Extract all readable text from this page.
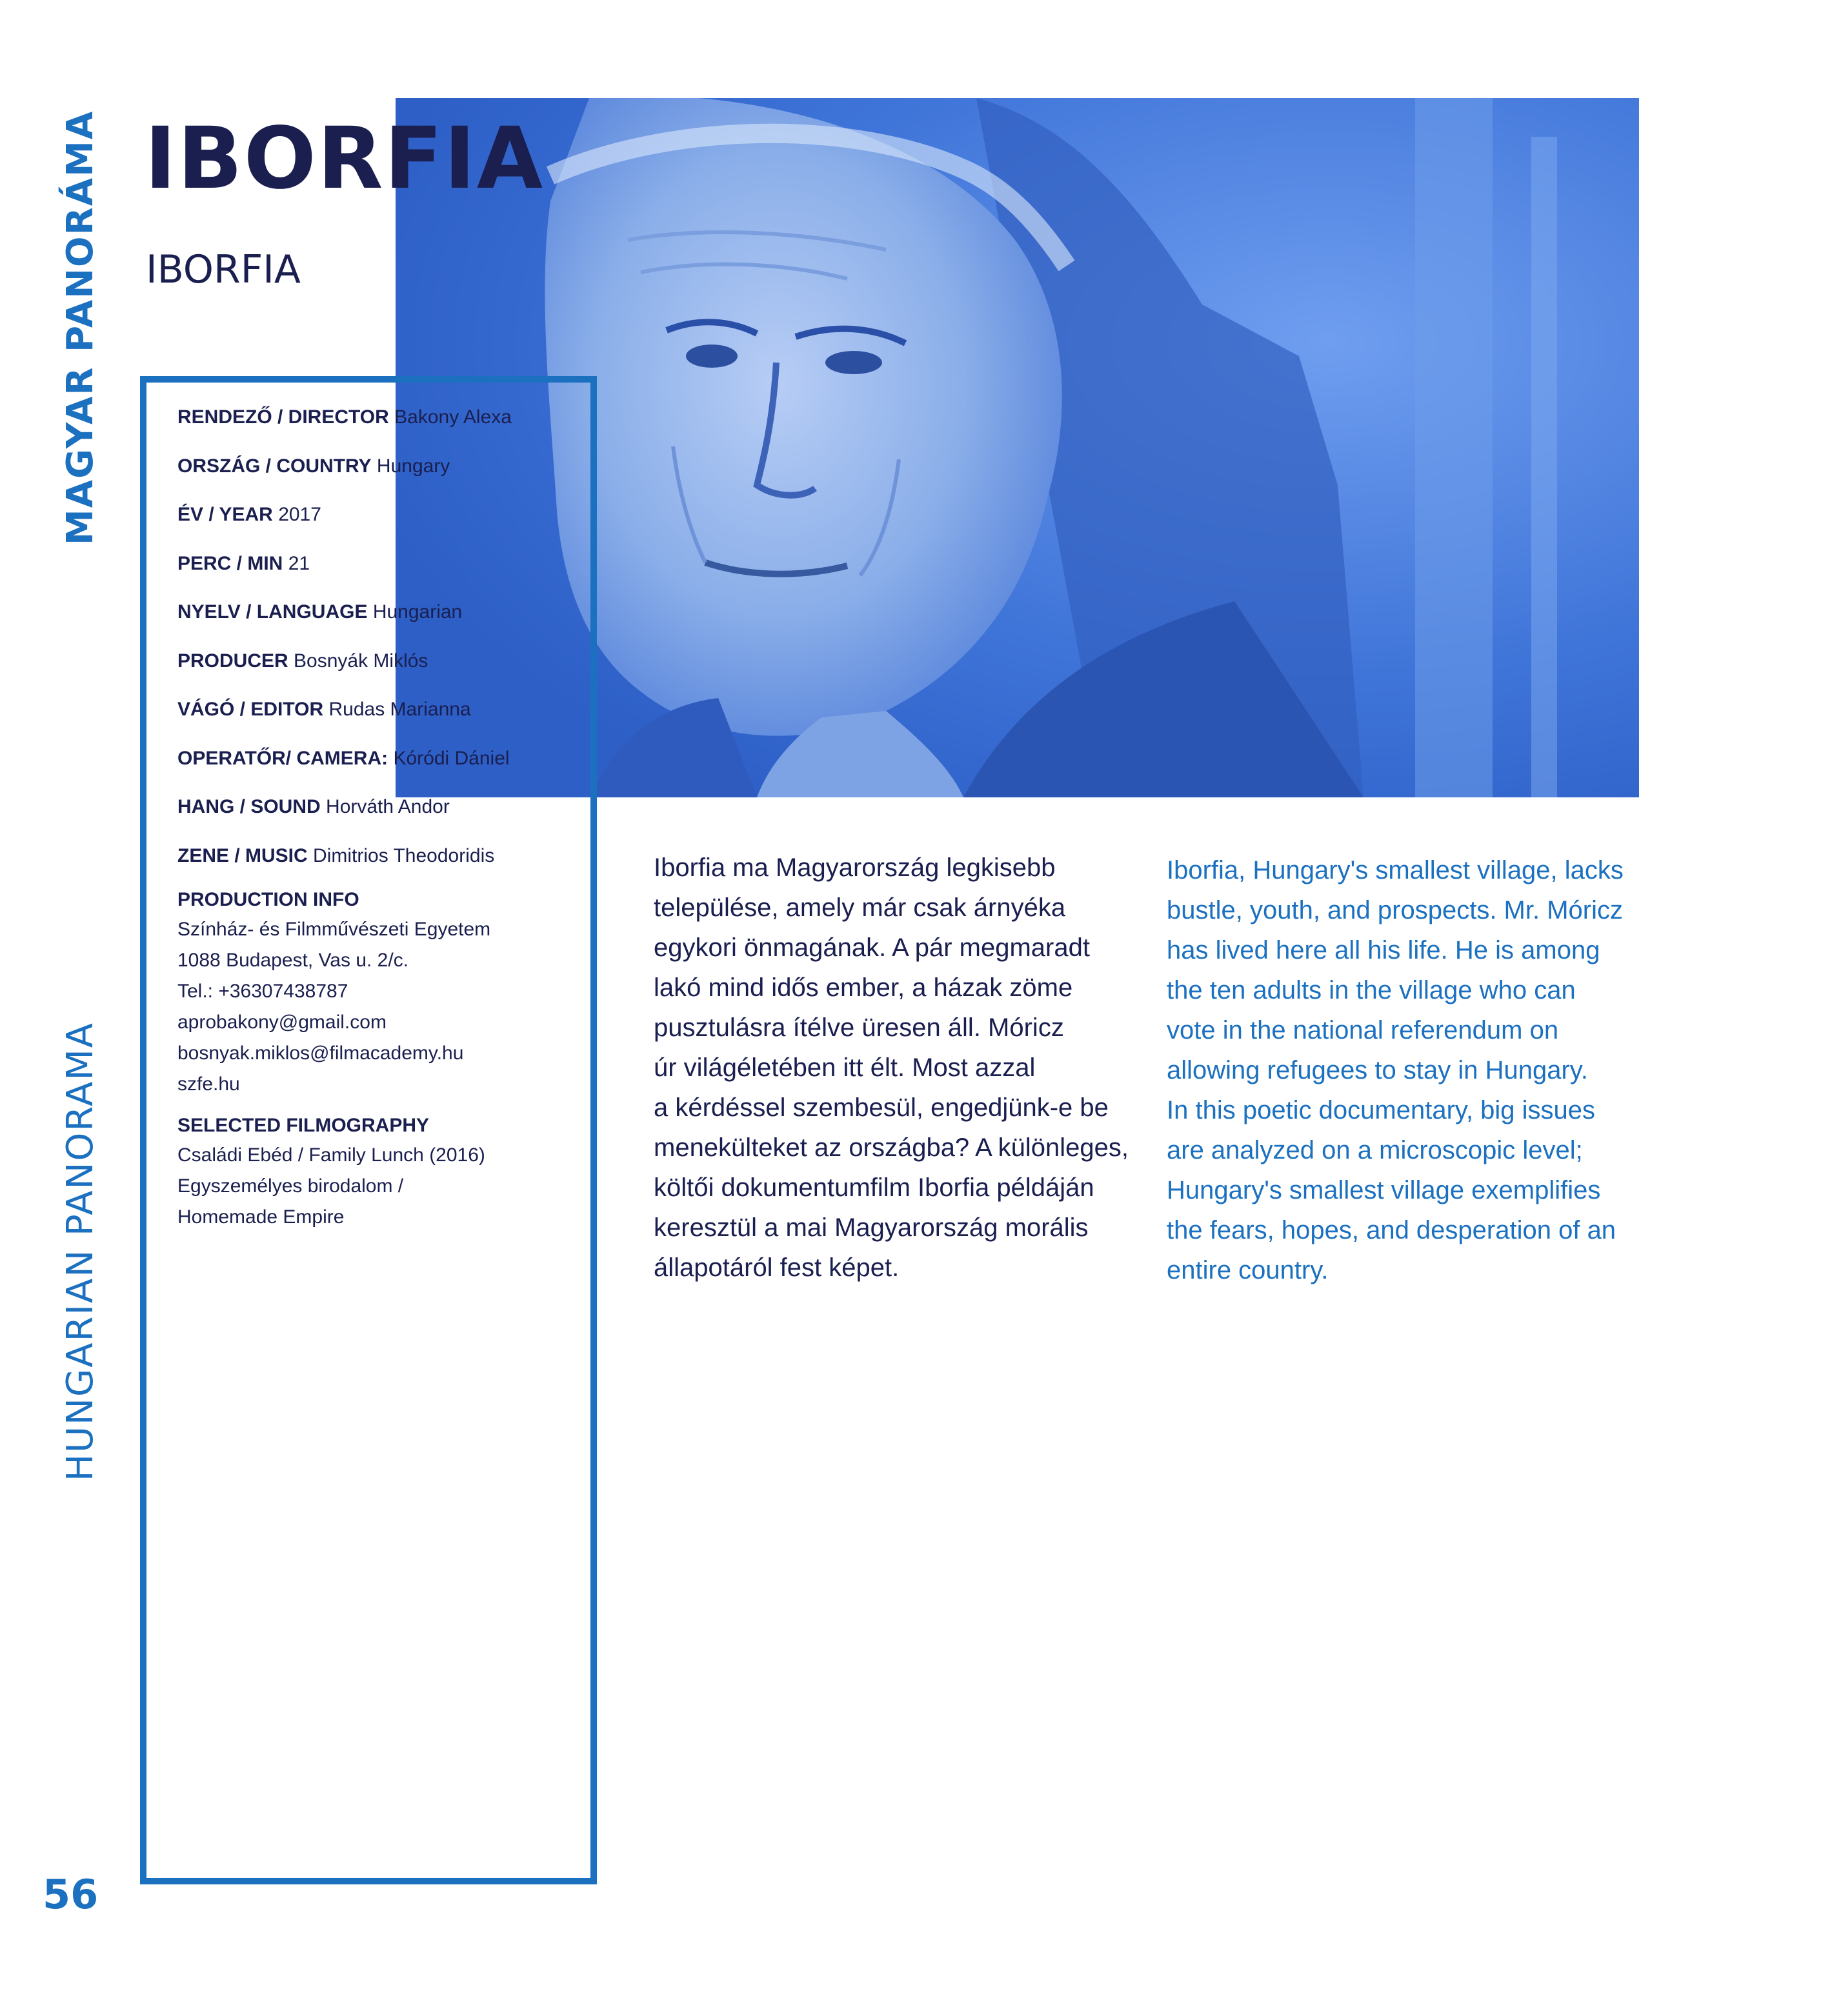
MAGYAR PANORÁMA
HUNGARIAN PANORAMA
56
IBORFIA
IBORFIA
RENDEZŐ / DIRECTOR Bakony Alexa
ORSZÁG / COUNTRY Hungary
ÉV / YEAR 2017
PERC / MIN 21
NYELV / LANGUAGE Hungarian
PRODUCER Bosnyák Miklós
VÁGÓ / EDITOR Rudas Marianna
OPERATŐR/ CAMERA: Kóródi Dániel
HANG / SOUND Horváth Andor
ZENE / MUSIC Dimitrios Theodoridis
PRODUCTION INFO
Színház- és Filmművészeti Egyetem
1088 Budapest, Vas u. 2/c.
Tel.: +36307438787
aprobakony@gmail.com
bosnyak.miklos@filmacademy.hu
szfe.hu
SELECTED FILMOGRAPHY
Családi Ebéd / Family Lunch (2016)
Egyszemélyes birodalom /
Homemade Empire
Iborfia ma Magyarország legkisebb
települése, amely már csak árnyéka
egykori önmagának. A pár megmaradt
lakó mind idős ember, a házak zöme
pusztulásra ítélve üresen áll. Móricz
úr világéletében itt élt. Most azzal
a kérdéssel szembesül, engedjünk-e be
menekülteket az országba? A különleges,
költői dokumentumfilm Iborfia példáján
keresztül a mai Magyarország morális
állapotáról fest képet.
Iborfia, Hungary's smallest village, lacks
bustle, youth, and prospects. Mr. Móricz
has lived here all his life. He is among
the ten adults in the village who can
vote in the national referendum on
allowing refugees to stay in Hungary.
In this poetic documentary, big issues
are analyzed on a microscopic level;
Hungary's smallest village exemplifies
the fears, hopes, and desperation of an
entire country.
